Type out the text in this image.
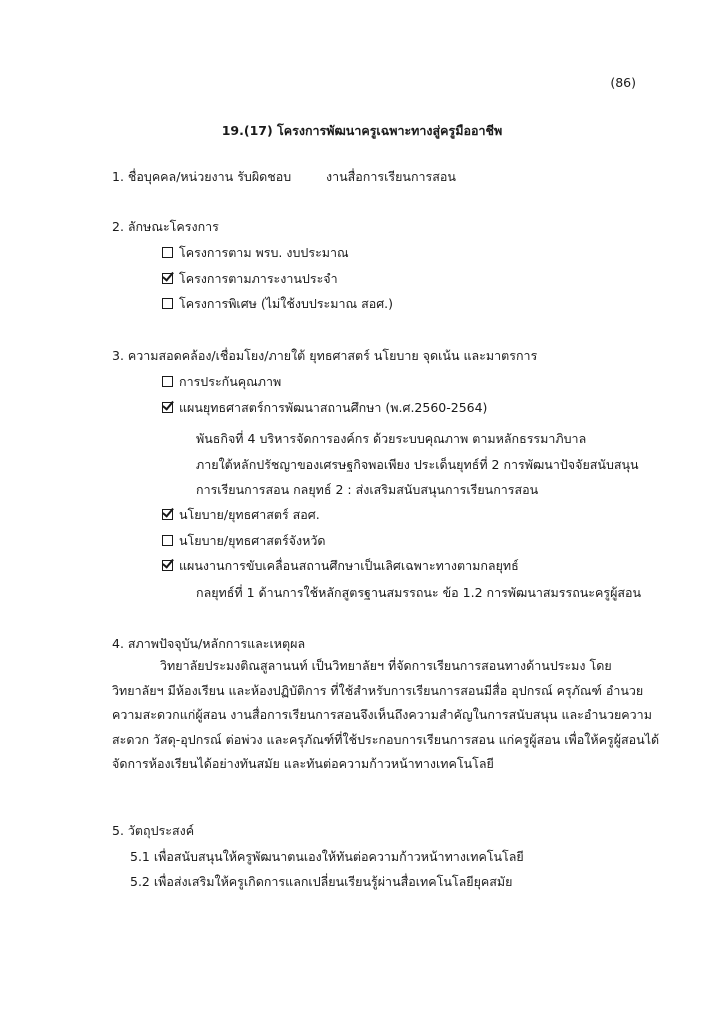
(86)
19.(17) โครงการพัฒนาครูเฉพาะทางสู่ครูมืออาชีพ
1. ชื่อบุคคล/หน่วยงาน รับผิดชอบ	งานสื่อการเรียนการสอน
2. ลักษณะโครงการ
โครงการตาม พรบ. งบประมาณ
โครงการตามภาระงานประจำ
โครงการพิเศษ (ไม่ใช้งบประมาณ สอศ.)
3. ความสอดคล้อง/เชื่อมโยง/ภายใต้ ยุทธศาสตร์ นโยบาย จุดเน้น และมาตรการ
การประกันคุณภาพ
แผนยุทธศาสตร์การพัฒนาสถานศึกษา (พ.ศ.2560-2564)
พันธกิจที่ 4 บริหารจัดการองค์กร ด้วยระบบคุณภาพ ตามหลักธรรมาภิบาล
ภายใต้หลักปรัชญาของเศรษฐกิจพอเพียง ประเด็นยุทธ์ที่ 2 การพัฒนาปัจจัยสนับสนุน
การเรียนการสอน กลยุทธ์ 2 : ส่งเสริมสนับสนุนการเรียนการสอน
นโยบาย/ยุทธศาสตร์ สอศ.
นโยบาย/ยุทธศาสตร์จังหวัด
แผนงานการขับเคลื่อนสถานศึกษาเป็นเลิศเฉพาะทางตามกลยุทธ์
กลยุทธ์ที่ 1 ด้านการใช้หลักสูตรฐานสมรรถนะ ข้อ 1.2 การพัฒนาสมรรถนะครูผู้สอน
4. สภาพปัจจุบัน/หลักการและเหตุผล
วิทยาลัยประมงติณสูลานนท์ เป็นวิทยาลัยฯ ที่จัดการเรียนการสอนทางด้านประมง โดย
วิทยาลัยฯ มีห้องเรียน และห้องปฏิบัติการ ที่ใช้สำหรับการเรียนการสอนมีสื่อ อุปกรณ์ ครุภัณฑ์ อำนวย
ความสะดวกแก่ผู้สอน งานสื่อการเรียนการสอนจึงเห็นถึงความสำคัญในการสนับสนุน และอำนวยความ
สะดวก วัสดุ-อุปกรณ์ ต่อพ่วง และครุภัณฑ์ที่ใช้ประกอบการเรียนการสอน แก่ครูผู้สอน เพื่อให้ครูผู้สอนได้
จัดการห้องเรียนได้อย่างทันสมัย และทันต่อความก้าวหน้าทางเทคโนโลยี
5. วัตถุประสงค์
5.1 เพื่อสนับสนุนให้ครูพัฒนาตนเองให้ทันต่อความก้าวหน้าทางเทคโนโลยี
5.2 เพื่อส่งเสริมให้ครูเกิดการแลกเปลี่ยนเรียนรู้ผ่านสื่อเทคโนโลยียุคสมัย
